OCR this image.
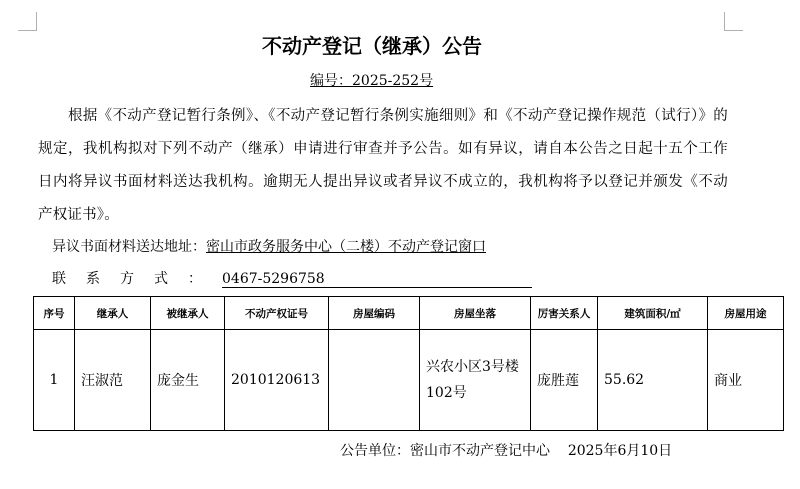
不动产登记（继承）公告
编号：2025-252号
根据《不动产登记暂行条例》、《不动产登记暂行条例实施细则》和《不动产登记操作规范（试行）》的规定，我机构拟对下列不动产（继承）申请进行审查并予公告。如有异议，请自本公告之日起十五个工作日内将异议书面材料送达我机构。逾期无人提出异议或者异议不成立的，我机构将予以登记并颁发《不动产权证书》。
异议书面材料送达地址：密山市政务服务中心（二楼）不动产登记窗口
联系方式：0467-5296758
序号	继承人	被继承人	不动产权证号	房屋编码	房屋坐落	厉害关系人	建筑面积/㎡	房屋用途
1	汪淑范	庞金生	2010120613		兴农小区3号楼102号	庞胜莲	55.62	商业
公告单位：密山市不动产登记中心 2025年6月10日
